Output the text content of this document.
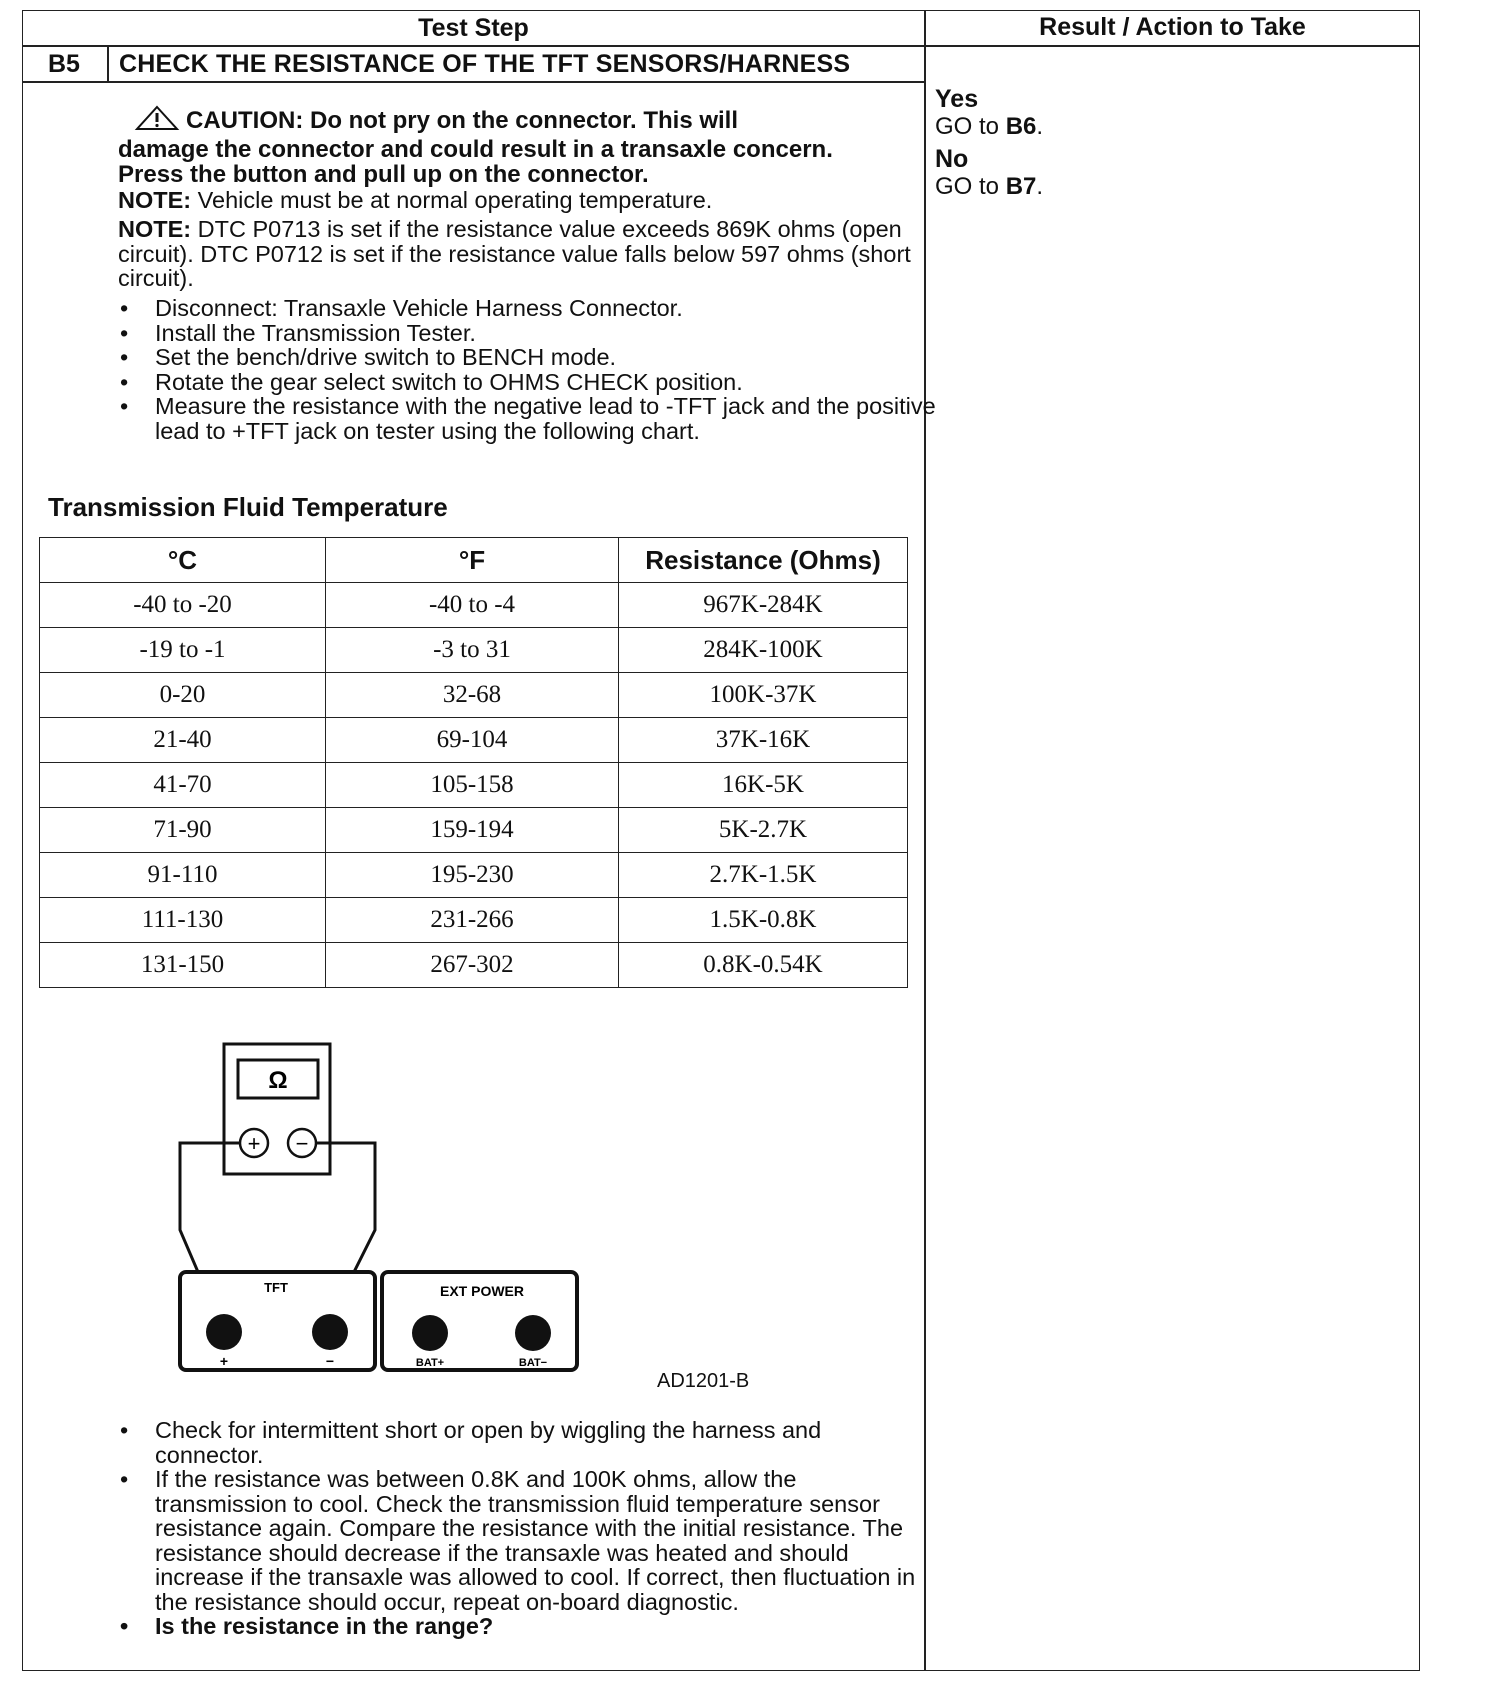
Test Step	Result / Action to Take
B5 CHECK THE RESISTANCE OF THE TFT SENSORS/HARNESS
Yes
GO to B6.
No
GO to B7.
CAUTION: Do not pry on the connector. This will
damage the connector and could result in a transaxle concern.
Press the button and pull up on the connector.
NOTE: Vehicle must be at normal operating temperature.
NOTE: DTC P0713 is set if the resistance value exceeds 869K ohms (open circuit). DTC P0712 is set if the resistance value falls below 597 ohms (short circuit).
• Disconnect: Transaxle Vehicle Harness Connector.
• Install the Transmission Tester.
• Set the bench/drive switch to BENCH mode.
• Rotate the gear select switch to OHMS CHECK position.
• Measure the resistance with the negative lead to -TFT jack and the positive lead to +TFT jack on tester using the following chart.
Transmission Fluid Temperature
°C	°F	Resistance (Ohms)
-40 to -20	-40 to -4	967K-284K
-19 to -1	-3 to 31	284K-100K
0-20	32-68	100K-37K
21-40	69-104	37K-16K
41-70	105-158	16K-5K
71-90	159-194	5K-2.7K
91-110	195-230	2.7K-1.5K
111-130	231-266	1.5K-0.8K
131-150	267-302	0.8K-0.54K
Ω
+ −
TFT
+	−
EXT POWER
BAT+	BAT−
AD1201-B
• Check for intermittent short or open by wiggling the harness and connector.
• If the resistance was between 0.8K and 100K ohms, allow the transmission to cool. Check the transmission fluid temperature sensor resistance again. Compare the resistance with the initial resistance. The resistance should decrease if the transaxle was heated and should increase if the transaxle was allowed to cool. If correct, then fluctuation in the resistance should occur, repeat on-board diagnostic.
• Is the resistance in the range?
